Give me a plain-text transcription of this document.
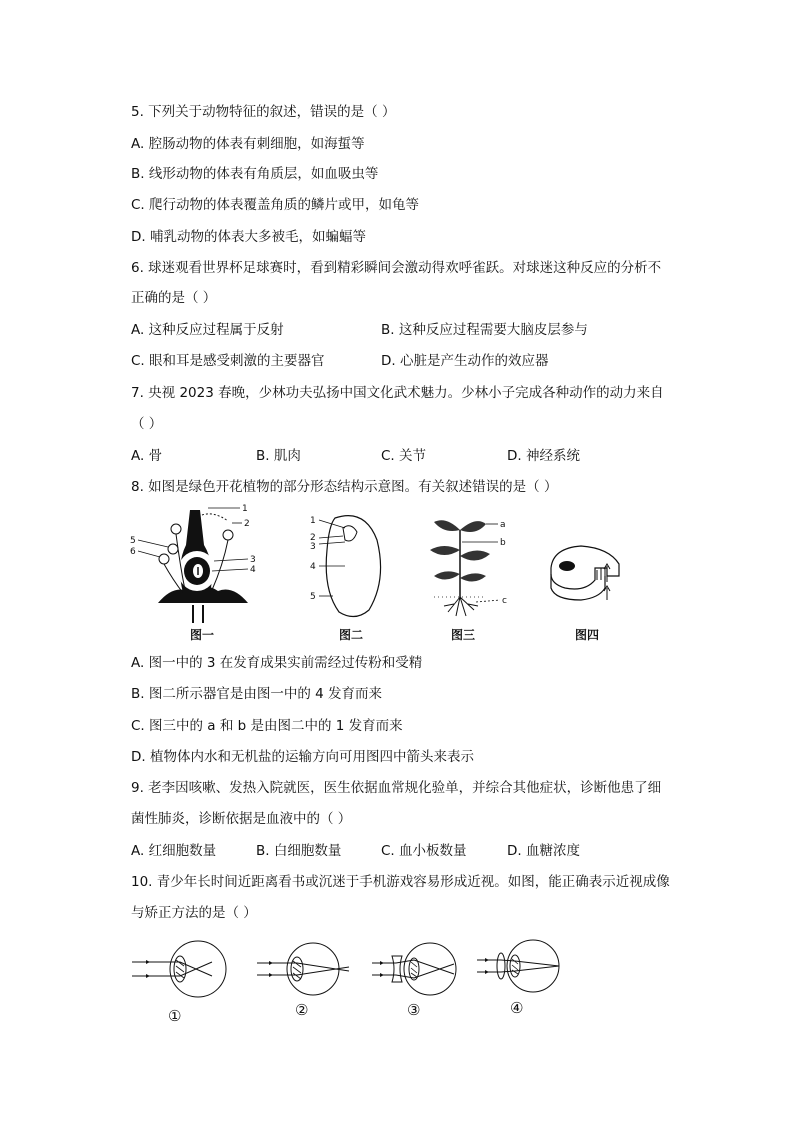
5. 下列关于动物特征的叙述，错误的是（ ）
A. 腔肠动物的体表有刺细胞，如海蜇等
B. 线形动物的体表有角质层，如血吸虫等
C. 爬行动物的体表覆盖角质的鳞片或甲，如龟等
D. 哺乳动物的体表大多被毛，如蝙蝠等
6. 球迷观看世界杯足球赛时，看到精彩瞬间会激动得欢呼雀跃。对球迷这种反应的分析不
正确的是（ ）
A. 这种反应过程属于反射	B. 这种反应过程需要大脑皮层参与
C. 眼和耳是感受刺激的主要器官	D. 心脏是产生动作的效应器
7. 央视 2023 春晚，少林功夫弘扬中国文化武术魅力。少林小子完成各种动作的动力来自
（ ）
A. 骨	B. 肌肉	C. 关节	D. 神经系统
8. 如图是绿色开花植物的部分形态结构示意图。有关叙述错误的是（ ）
1
2
3
4
5
6
图一
1
2
3
4
5
图二
a
b
c
图三	图四
A. 图一中的 3 在发育成果实前需经过传粉和受精
B. 图二所示器官是由图一中的 4 发育而来
C. 图三中的 a 和 b 是由图二中的 1 发育而来
D. 植物体内水和无机盐的运输方向可用图四中箭头来表示
9. 老李因咳嗽、发热入院就医，医生依据血常规化验单，并综合其他症状，诊断他患了细
菌性肺炎，诊断依据是血液中的（ ）
A. 红细胞数量	B. 白细胞数量	C. 血小板数量	D. 血糖浓度
10. 青少年长时间近距离看书或沉迷于手机游戏容易形成近视。如图，能正确表示近视成像
与矫正方法的是（ ）
①	②	③	④
